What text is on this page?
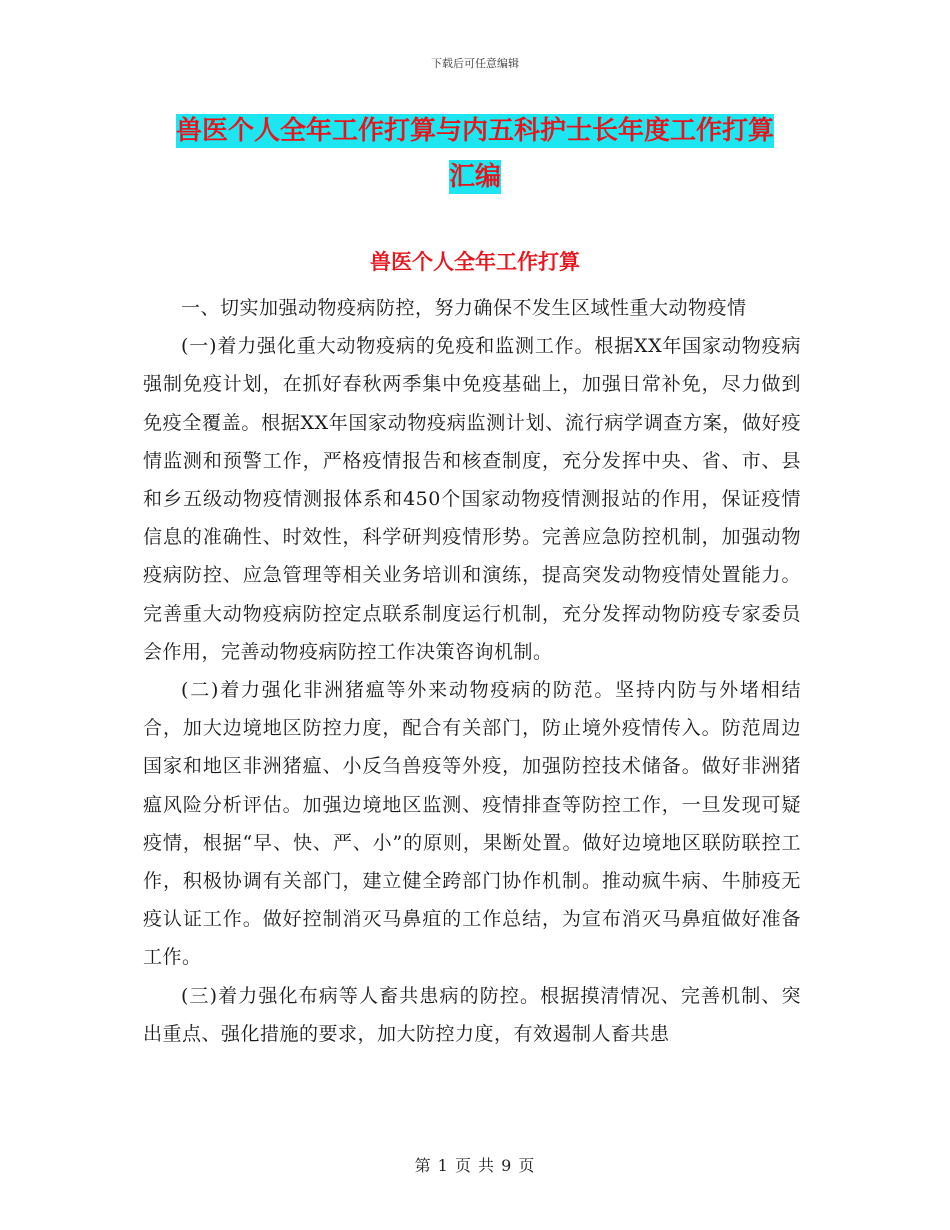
下载后可任意编辑
兽医个人全年工作打算与内五科护士长年度工作打算
汇编
兽医个人全年工作打算

一、切实加强动物疫病防控，努力确保不发生区域性重大动物疫情

(一)着力强化重大动物疫病的免疫和监测工作。根据XX年国家动物疫病强制免疫计划，在抓好春秋两季集中免疫基础上，加强日常补免，尽力做到免疫全覆盖。根据XX年国家动物疫病监测计划、流行病学调查方案，做好疫情监测和预警工作，严格疫情报告和核查制度，充分发挥中央、省、市、县和乡五级动物疫情测报体系和450个国家动物疫情测报站的作用，保证疫情信息的准确性、时效性，科学研判疫情形势。完善应急防控机制，加强动物疫病防控、应急管理等相关业务培训和演练，提高突发动物疫情处置能力。完善重大动物疫病防控定点联系制度运行机制，充分发挥动物防疫专家委员会作用，完善动物疫病防控工作决策咨询机制。

(二)着力强化非洲猪瘟等外来动物疫病的防范。坚持内防与外堵相结合，加大边境地区防控力度，配合有关部门，防止境外疫情传入。防范周边国家和地区非洲猪瘟、小反刍兽疫等外疫，加强防控技术储备。做好非洲猪瘟风险分析评估。加强边境地区监测、疫情排查等防控工作，一旦发现可疑疫情，根据“早、快、严、小”的原则，果断处置。做好边境地区联防联控工作，积极协调有关部门，建立健全跨部门协作机制。推动疯牛病、牛肺疫无疫认证工作。做好控制消灭马鼻疽的工作总结，为宣布消灭马鼻疽做好准备工作。

(三)着力强化布病等人畜共患病的防控。根据摸清情况、完善机制、突出重点、强化措施的要求，加大防控力度，有效遏制人畜共患

第 1 页 共 9 页
